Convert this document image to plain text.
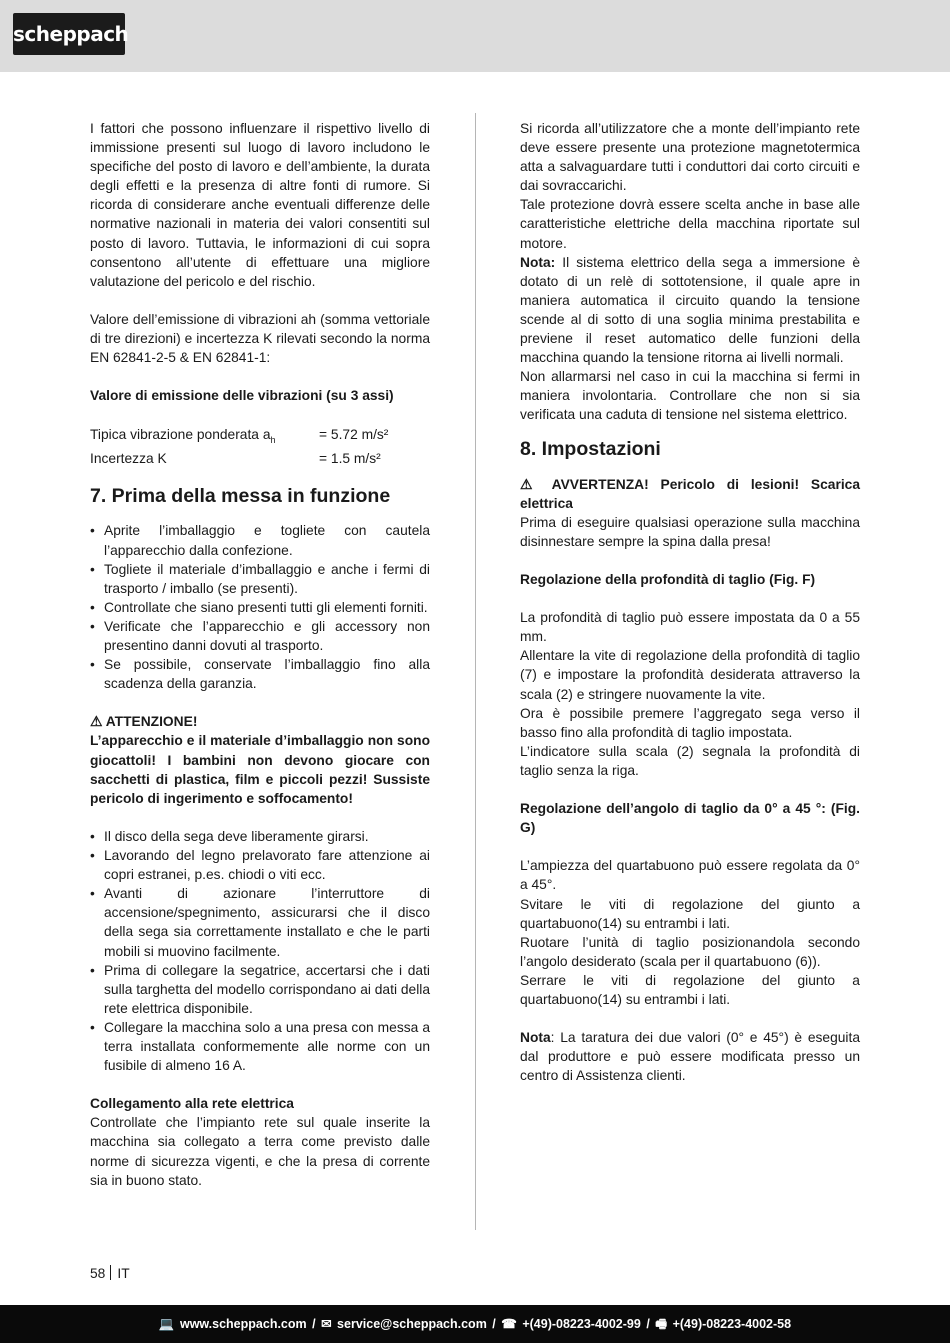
scheppach

I fattori che possono influenzare il rispettivo livello di immissione presenti sul luogo di lavoro includono le specifiche del posto di lavoro e dell’ambiente, la durata degli effetti e la presenza di altre fonti di rumore. Si ricorda di considerare anche eventuali differenze delle normative nazionali in materia dei valori consentiti sul posto di lavoro. Tuttavia, le informazioni di cui sopra consentono all’utente di effettuare una migliore valutazione del pericolo e del rischio.

Valore dell’emissione di vibrazioni ah (somma vettoriale di tre direzioni) e incertezza K rilevati secondo la norma EN 62841-2-5 & EN 62841-1:

Valore di emissione delle vibrazioni (su 3 assi)

Tipica vibrazione ponderata $a_h$	= 5.72 m/s²
Incertezza K	= 1.5 m/s²
7. Prima della messa in funzione
• Aprite l’imballaggio e togliete con cautela l’apparecchio dalla confezione.
• Togliete il materiale d’imballaggio e anche i fermi di trasporto / imballo (se presenti).
• Controllate che siano presenti tutti gli elementi forniti.
• Verificate che l’apparecchio e gli accessory non presentino danni dovuti al trasporto.
• Se possibile, conservate l’imballaggio fino alla scadenza della garanzia.

⚠ ATTENZIONE!

L’apparecchio e il materiale d’imballaggio non sono giocattoli! I bambini non devono giocare con sacchetti di plastica, film e piccoli pezzi! Sussiste pericolo di ingerimento e soffocamento!

• Il disco della sega deve liberamente girarsi.
• Lavorando del legno prelavorato fare attenzione ai copri estranei, p.es. chiodi o viti ecc.
• Avanti di azionare l’interruttore di accensione/spegnimento, assicurarsi che il disco della sega sia correttamente installato e che le parti mobili si muovino facilmente.
• Prima di collegare la segatrice, accertarsi che i dati sulla targhetta del modello corrispondano ai dati della rete elettrica disponibile.
• Collegare la macchina solo a una presa con messa a terra installata conformemente alle norme con un fusibile di almeno 16 A.

Collegamento alla rete elettrica

Controllate che l’impianto rete sul quale inserite la macchina sia collegato a terra come previsto dalle norme di sicurezza vigenti, e che la presa di corrente sia in buono stato.

Si ricorda all’utilizzatore che a monte dell’impianto rete deve essere presente una protezione magnetotermica atta a salvaguardare tutti i conduttori dai corto circuiti e dai sovraccarichi.

Tale protezione dovrà essere scelta anche in base alle caratteristiche elettriche della macchina riportate sul motore.

Nota: Il sistema elettrico della sega a immersione è dotato di un relè di sottotensione, il quale apre in maniera automatica il circuito quando la tensione scende al di sotto di una soglia minima prestabilita e previene il reset automatico delle funzioni della macchina quando la tensione ritorna ai livelli normali.

Non allarmarsi nel caso in cui la macchina si fermi in maniera involontaria. Controllare che non si sia verificata una caduta di tensione nel sistema elettrico.

8. Impostazioni

⚠ AVVERTENZA! Pericolo di lesioni! Scarica elettrica

Prima di eseguire qualsiasi operazione sulla macchina disinnestare sempre la spina dalla presa!

Regolazione della profondità di taglio (Fig. F)

La profondità di taglio può essere impostata da 0 a 55 mm.

Allentare la vite di regolazione della profondità di taglio (7) e impostare la profondità desiderata attraverso la scala (2) e stringere nuovamente la vite.

Ora è possibile premere l’aggregato sega verso il basso fino alla profondità di taglio impostata.

L’indicatore sulla scala (2) segnala la profondità di taglio senza la riga.

Regolazione dell’angolo di taglio da 0° a 45 °: (Fig. G)

L’ampiezza del quartabuono può essere regolata da 0° a 45°.

Svitare le viti di regolazione del giunto a quartabuono(14) su entrambi i lati.

Ruotare l’unità di taglio posizionandola secondo l’angolo desiderato (scala per il quartabuono (6)).

Serrare le viti di regolazione del giunto a quartabuono(14) su entrambi i lati.

Nota: La taratura dei due valori (0° e 45°) è eseguita dal produttore e può essere modificata presso un centro di Assistenza clienti.

58 IT
💻 www.scheppach.com / ✉ service@scheppach.com / ☎ +(49)-08223-4002-99 / 🖷 +(49)-08223-4002-58
